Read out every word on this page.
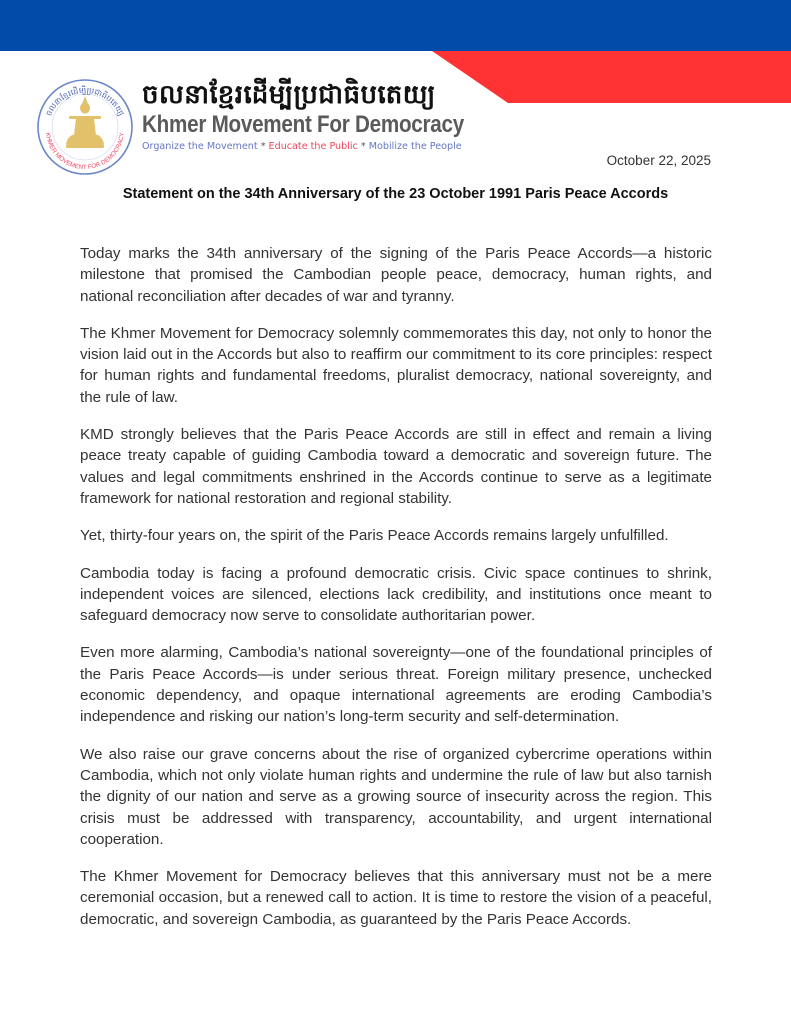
ចលនាខ្មែរដើម្បីប្រជាធិបតេយ្យ
KHMER MOVEMENT FOR DEMOCRACY
ចលនាខ្មែរដើម្បីប្រជាធិបតេយ្យ
Khmer Movement For Democracy
Organize the Movement * Educate the Public * Mobilize the People
October 22, 2025
Statement on the 34th Anniversary of the 23 October 1991 Paris Peace Accords

Today marks the 34th anniversary of the signing of the Paris Peace Accords—a historic milestone that promised the Cambodian people peace, democracy, human rights, and national reconciliation after decades of war and tyranny.

The Khmer Movement for Democracy solemnly commemorates this day, not only to honor the vision laid out in the Accords but also to reaffirm our commitment to its core principles: respect for human rights and fundamental freedoms, pluralist democracy, national sovereignty, and the rule of law.

KMD strongly believes that the Paris Peace Accords are still in effect and remain a living peace treaty capable of guiding Cambodia toward a democratic and sovereign future. The values and legal commitments enshrined in the Accords continue to serve as a legitimate framework for national restoration and regional stability.

Yet, thirty-four years on, the spirit of the Paris Peace Accords remains largely unfulfilled.

Cambodia today is facing a profound democratic crisis. Civic space continues to shrink, independent voices are silenced, elections lack credibility, and institutions once meant to safeguard democracy now serve to consolidate authoritarian power.

Even more alarming, Cambodia’s national sovereignty—one of the foundational principles of the Paris Peace Accords—is under serious threat. Foreign military presence, unchecked economic dependency, and opaque international agreements are eroding Cambodia’s independence and risking our nation’s long-term security and self-determination.

We also raise our grave concerns about the rise of organized cybercrime operations within Cambodia, which not only violate human rights and undermine the rule of law but also tarnish the dignity of our nation and serve as a growing source of insecurity across the region. This crisis must be addressed with transparency, accountability, and urgent international cooperation.

The Khmer Movement for Democracy believes that this anniversary must not be a mere ceremonial occasion, but a renewed call to action. It is time to restore the vision of a peaceful, democratic, and sovereign Cambodia, as guaranteed by the Paris Peace Accords.
